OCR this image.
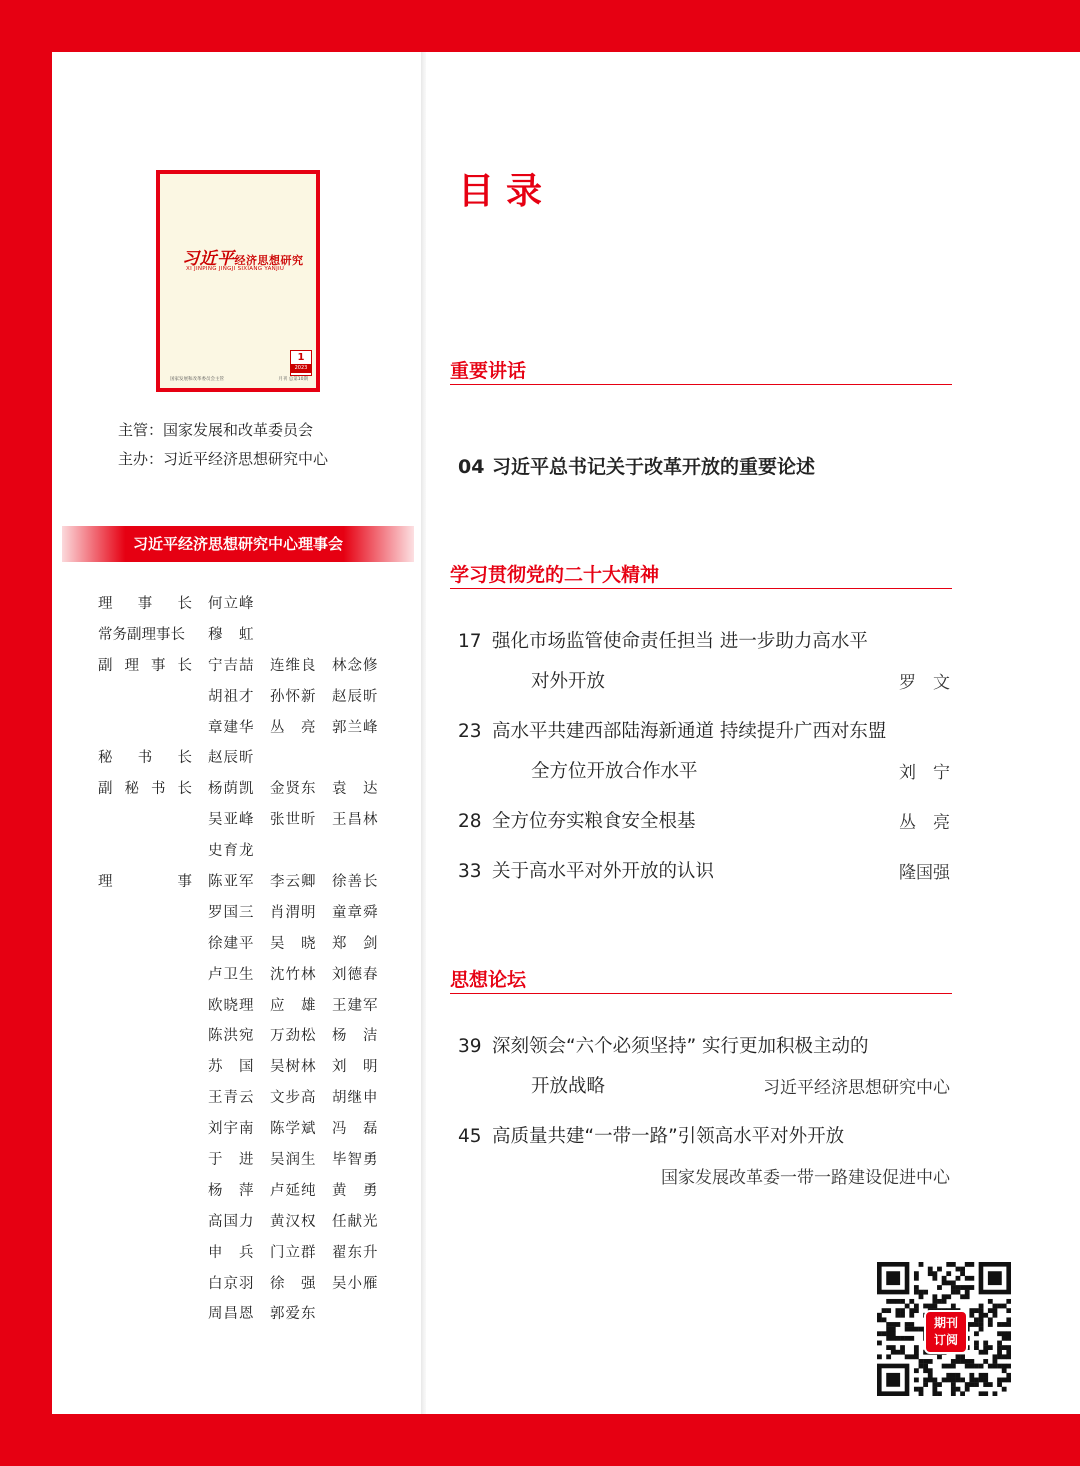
习近平经济思想研究
XI JINPING JINGJI SIXIANG YANJIU
1
2023
国家发展和改革委员会主管	月刊 总第10期
主管：国家发展和改革委员会
主办：习近平经济思想研究中心
习近平经济思想研究中心理事会
理 事 长 何立峰
常务副理事长 穆　虹
副 理 事 长 宁吉喆 连维良 林念修
胡祖才 孙怀新 赵辰昕
章建华 丛　亮 郭兰峰
秘 书 长 赵辰昕
副 秘 书 长 杨荫凯 金贤东 袁　达
吴亚峰 张世昕 王昌林
史育龙
理	事 陈亚军 李云卿 徐善长
罗国三 肖渭明 童章舜
徐建平 吴　晓 郑　剑
卢卫生 沈竹林 刘德春
欧晓理 应　雄 王建军
陈洪宛 万劲松 杨　洁
苏　国 吴树林 刘　明
王青云 文步高 胡继申
刘宇南 陈学斌 冯　磊
于　进 吴润生 毕智勇
杨　萍 卢延纯 黄　勇
高国力 黄汉权 任献光
申　兵 门立群 翟东升
白京羽 徐　强 吴小雁
周昌恩 郭爱东
目录
重要讲话
04 习近平总书记关于改革开放的重要论述
学习贯彻党的二十大精神
17 强化市场监管使命责任担当 进一步助力高水平
对外开放	罗　文
23 高水平共建西部陆海新通道 持续提升广西对东盟
全方位开放合作水平	刘　宁
28 全方位夯实粮食安全根基	丛　亮
33 关于高水平对外开放的认识	隆国强
思想论坛
39 深刻领会“六个必须坚持” 实行更加积极主动的
开放战略	习近平经济思想研究中心
45 高质量共建“一带一路”引领高水平对外开放
国家发展改革委一带一路建设促进中心
期刊
订阅
